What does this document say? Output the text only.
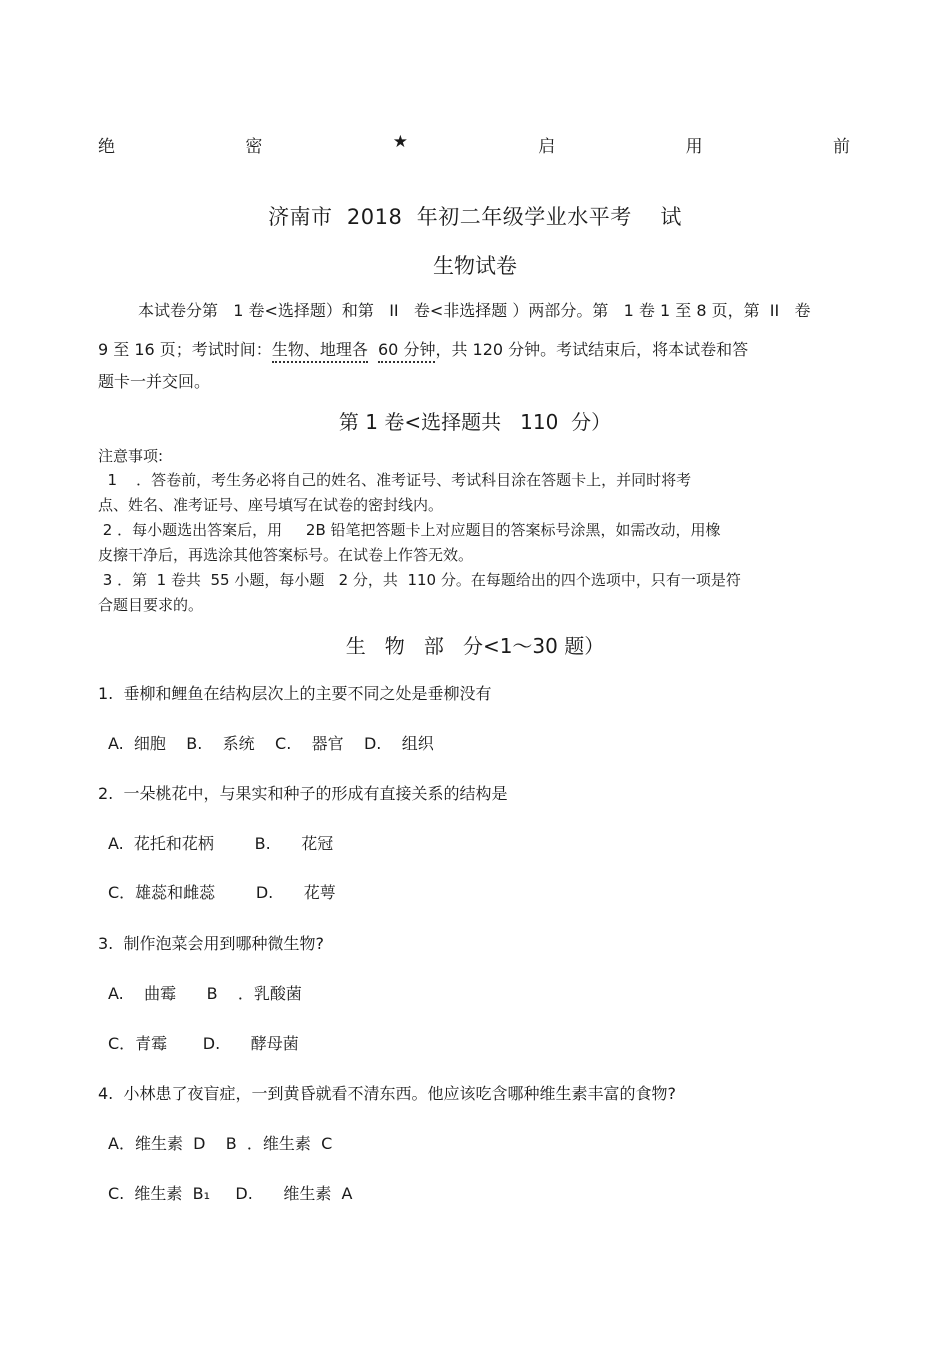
绝	密	★	启	用	前
济南市  2018  年初二年级学业水平考    试
生物试卷
本试卷分第   1 卷<选择题）和第   II   卷<非选择题 ）两部分。第   1 卷 1 至 8 页，第  II   卷
9 至 16 页；考试时间：生物、地理各 60 分钟，共 120 分钟。考试结束后，将本试卷和答
题卡一并交回。
第 1 卷<选择题共   110  分）
注意事项:
1    ．答卷前，考生务必将自己的姓名、准考证号、考试科目涂在答题卡上，并同时将考
点、姓名、准考证号、座号填写在试卷的密封线内。
2 ．每小题选出答案后，用     2B 铅笔把答题卡上对应题目的答案标号涂黑，如需改动，用橡
皮擦干净后，再选涂其他答案标号。在试卷上作答无效。
3 ．第  1 卷共  55 小题，每小题   2 分，共  110 分。在每题给出的四个选项中，只有一项是符
合题目要求的。
生   物   部   分<1～30 题）
1.  垂柳和鲤鱼在结构层次上的主要不同之处是垂柳没有
A.  细胞    B.    系统    C.    器官    D.    组织
2.  一朵桃花中，与果实和种子的形成有直接关系的结构是
A.  花托和花柄        B.      花冠
C．雄蕊和雌蕊        D.      花萼
3.  制作泡菜会用到哪种微生物?
A.    曲霉      B    ．乳酸菌
C．青霉       D.      酵母菌
4.  小林患了夜盲症，一到黄昏就看不清东西。他应该吃含哪种维生素丰富的食物?
A．维生素  D    B  ．维生素  C
C.  维生素  B₁     D.      维生素  A
